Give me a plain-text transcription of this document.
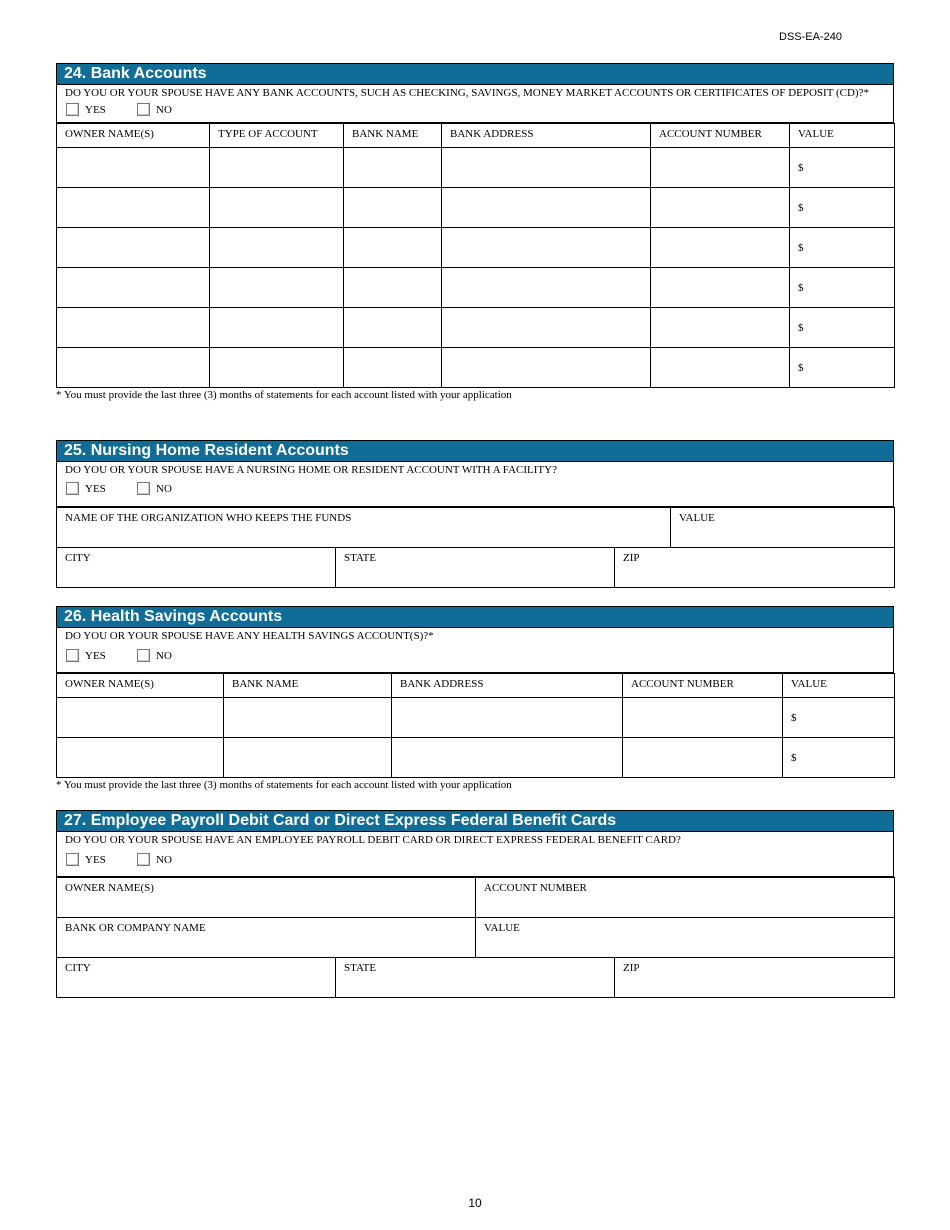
DSS-EA-240
24. Bank Accounts
DO YOU OR YOUR SPOUSE HAVE ANY BANK ACCOUNTS, SUCH AS CHECKING, SAVINGS, MONEY MARKET ACCOUNTS OR CERTIFICATES OF DEPOSIT (CD)?*
YES	NO
OWNER NAME(S)	TYPE OF ACCOUNT	BANK NAME	BANK ADDRESS	ACCOUNT NUMBER	VALUE
					$
					$
					$
					$
					$
					$
* You must provide the last three (3) months of statements for each account listed with your application
25. Nursing Home Resident Accounts
DO YOU OR YOUR SPOUSE HAVE A NURSING HOME OR RESIDENT ACCOUNT WITH A FACILITY?
YES	NO
NAME OF THE ORGANIZATION WHO KEEPS THE FUNDS			VALUE
CITY	STATE	ZIP	
26. Health Savings Accounts
DO YOU OR YOUR SPOUSE HAVE ANY HEALTH SAVINGS ACCOUNT(S)?*
YES	NO
OWNER NAME(S)	BANK NAME	BANK ADDRESS	ACCOUNT NUMBER	VALUE
				$
				$
* You must provide the last three (3) months of statements for each account listed with your application
27. Employee Payroll Debit Card or Direct Express Federal Benefit Cards
DO YOU OR YOUR SPOUSE HAVE AN EMPLOYEE PAYROLL DEBIT CARD OR DIRECT EXPRESS FEDERAL BENEFIT CARD?
YES	NO
OWNER NAME(S)		ACCOUNT NUMBER	
BANK OR COMPANY NAME		VALUE	
CITY	STATE		ZIP
10
